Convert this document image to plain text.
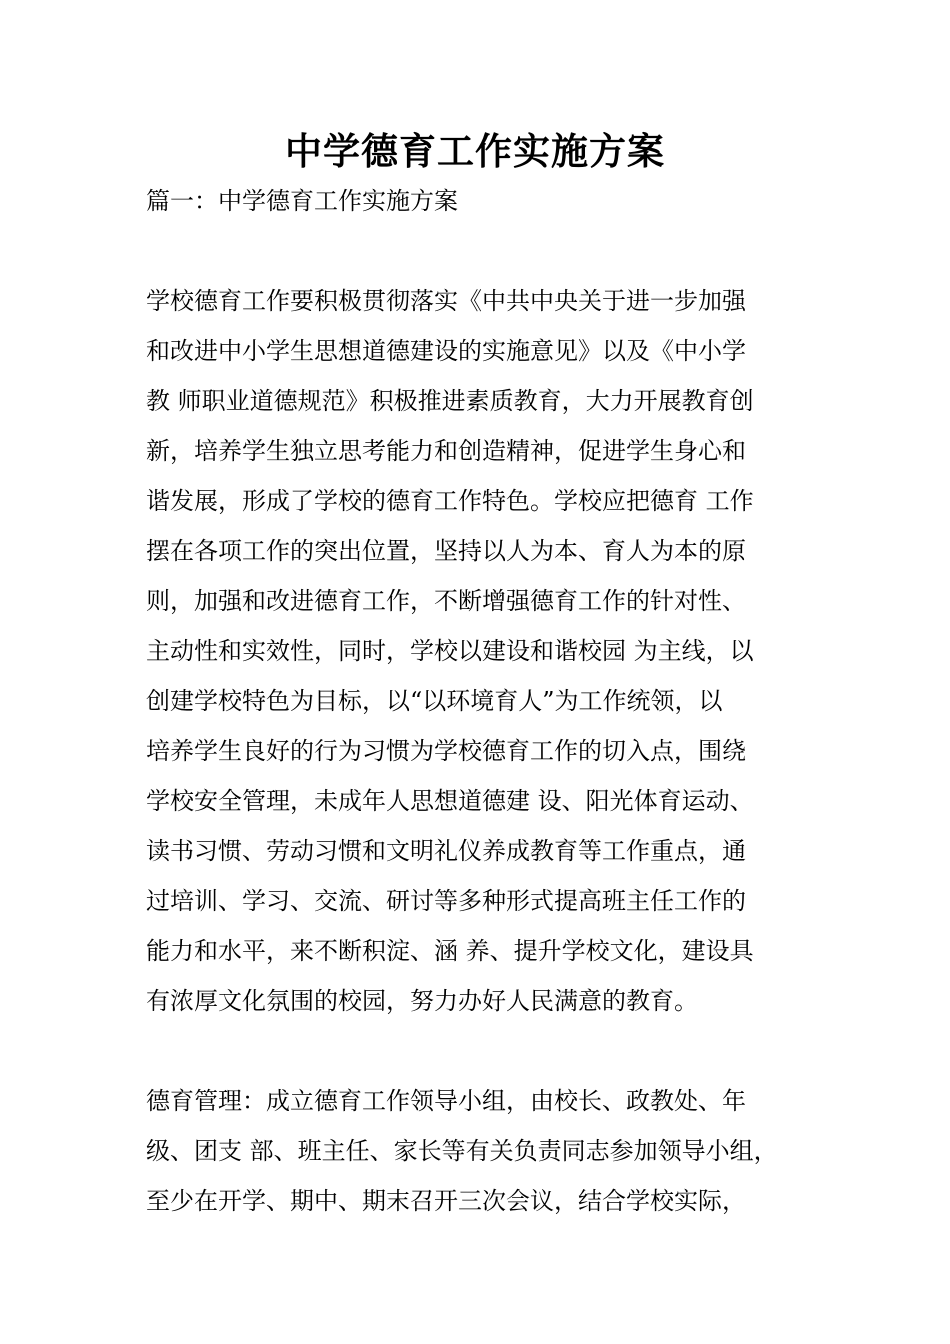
中学德育工作实施方案
篇一：中学德育工作实施方案
学校德育工作要积极贯彻落实《中共中央关于进一步加强
和改进中小学生思想道德建设的实施意见》以及《中小学
教 师职业道德规范》积极推进素质教育，大力开展教育创
新，培养学生独立思考能力和创造精神，促进学生身心和
谐发展，形成了学校的德育工作特色。学校应把德育 工作
摆在各项工作的突出位置，坚持以人为本、育人为本的原
则，加强和改进德育工作，不断增强德育工作的针对性、
主动性和实效性，同时，学校以建设和谐校园 为主线，以
创建学校特色为目标，以“以环境育人”为工作统领，以
培养学生良好的行为习惯为学校德育工作的切入点，围绕
学校安全管理，未成年人思想道德建 设、阳光体育运动、
读书习惯、劳动习惯和文明礼仪养成教育等工作重点，通
过培训、学习、交流、研讨等多种形式提高班主任工作的
能力和水平，来不断积淀、涵 养、提升学校文化，建设具
有浓厚文化氛围的校园，努力办好人民满意的教育。
德育管理：成立德育工作领导小组，由校长、政教处、年
级、团支 部、班主任、家长等有关负责同志参加领导小组，
至少在开学、期中、期末召开三次会议，结合学校实际，
